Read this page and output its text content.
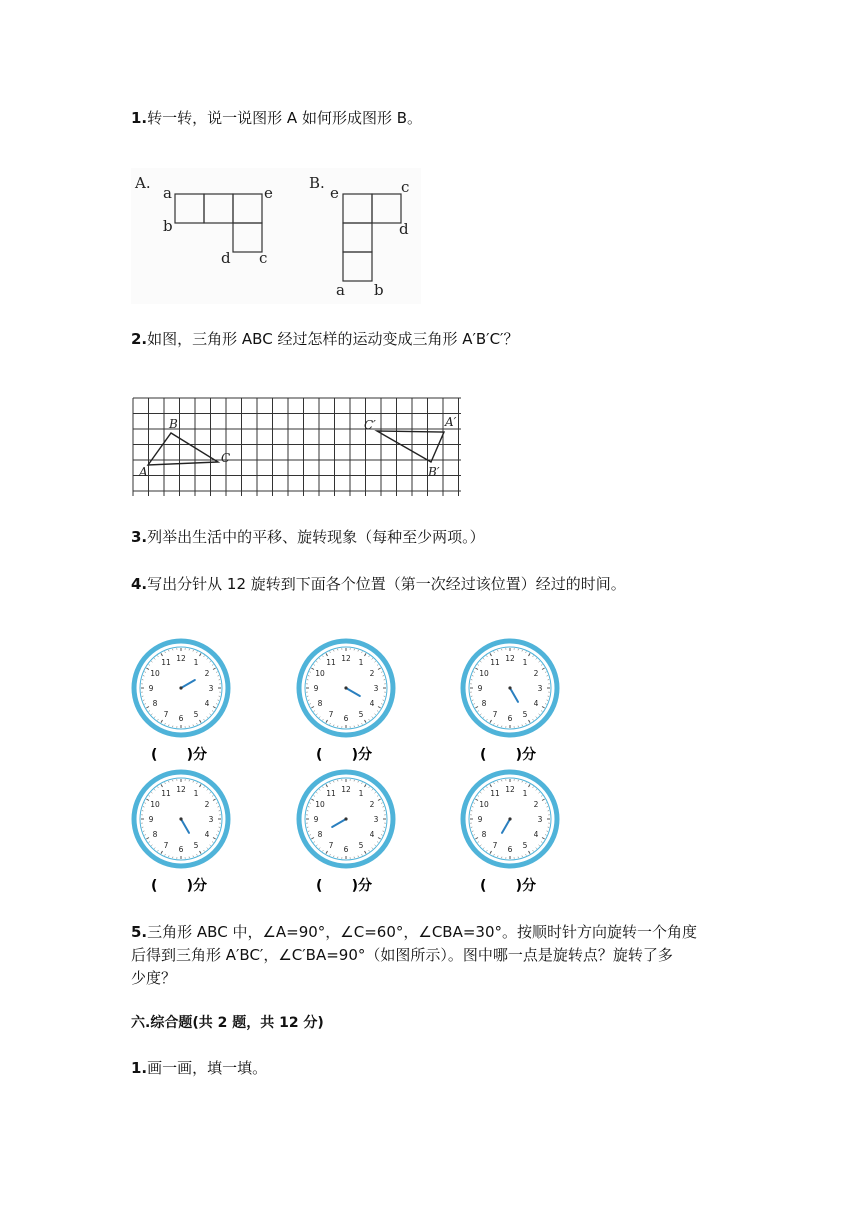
1.转一转，说一说图形 A 如何形成图形 B。
A.
a
b
e
d c
B.
e	c
d
a b
2.如图，三角形 ABC 经过怎样的运动变成三角形 A′B′C′？
A
B
C
C′	A′
B′
3.列举出生活中的平移、旋转现象（每种至少两项。）
4.写出分针从 12 旋转到下面各个位置（第一次经过该位置）经过的时间。
12 1
2
3
4
5
6
7
8
9
10
11
(      )分
12 1
2
3
4
5
6
7
8
9
10
11
(      )分
12 1
2
3
4
5
6
7
8
9
10
11
(      )分
12 1
2
3
4
5
6
7
8
9
10
11
(      )分
12 1
2
3
4
5
6
7
8
9
10
11
(      )分
12 1
2
3
4
5
6
7
8
9
10
11
(      )分
5.三角形 ABC 中，∠A=90°，∠C=60°，∠CBA=30°。按顺时针方向旋转一个角度
后得到三角形 A′BC′，∠C′BA=90°（如图所示）。图中哪一点是旋转点？旋转了多
少度？
六.综合题(共 2 题，共 12 分)
1.画一画，填一填。
